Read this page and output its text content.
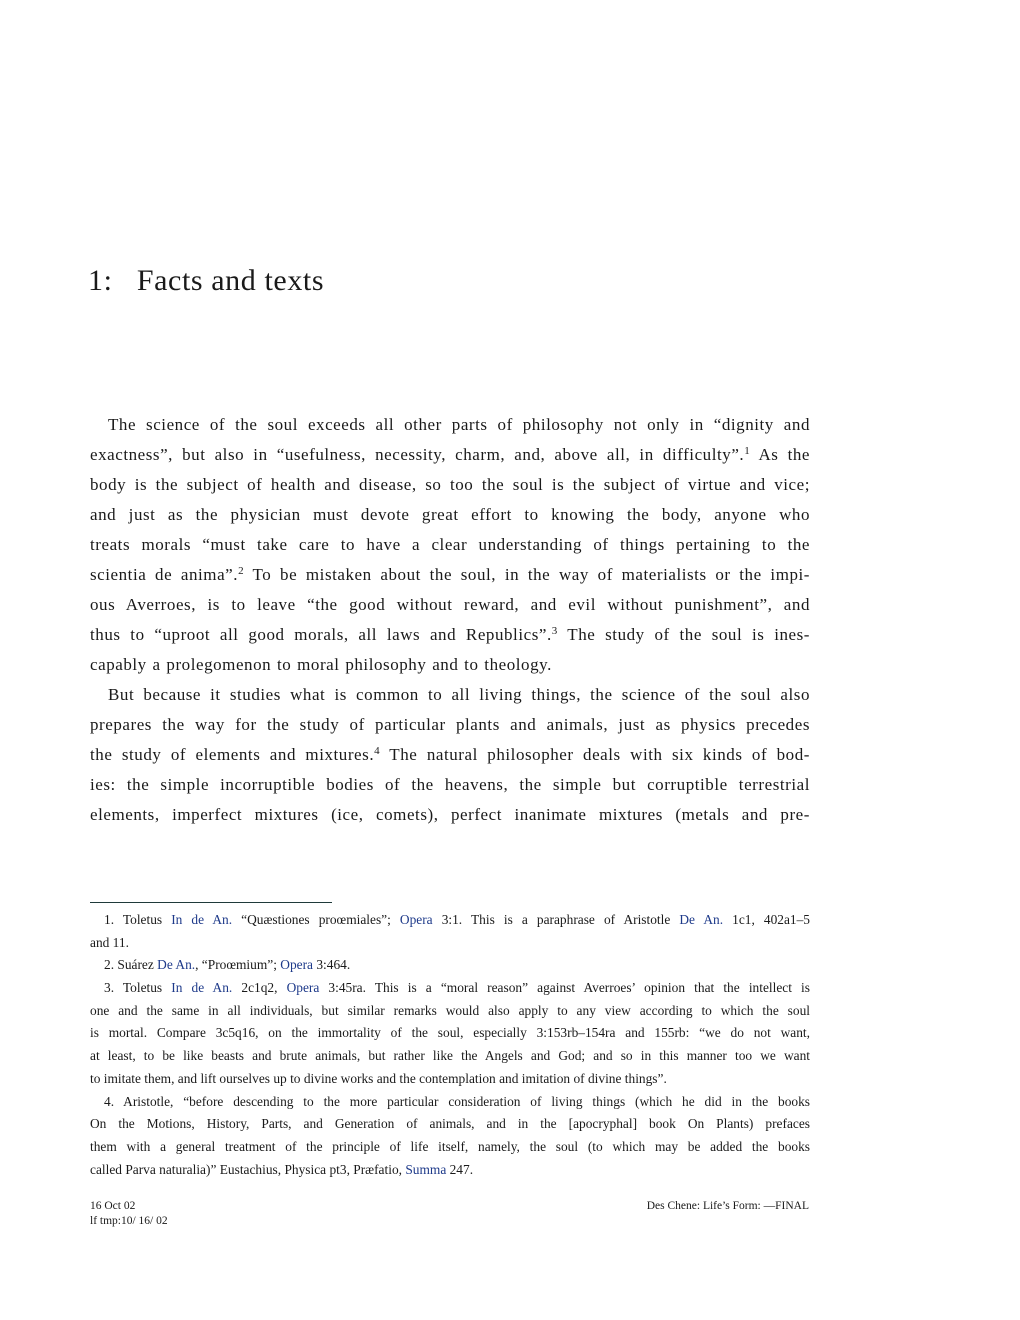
1:   Facts and texts
The science of the soul exceeds all other parts of philosophy not only in “dignity and
exactness”, but also in “usefulness, necessity, charm, and, above all, in difficulty”.$^1$ As the
body is the subject of health and disease, so too the soul is the subject of virtue and vice;
and just as the physician must devote great effort to knowing the body, anyone who
treats morals “must take care to have a clear understanding of things pertaining to the
scientia de anima”.$^2$ To be mistaken about the soul, in the way of materialists or the impi-
ous Averroes, is to leave “the good without reward, and evil without punishment”, and
thus to “uproot all good morals, all laws and Republics”.$^3$ The study of the soul is ines-
capably a prolegomenon to moral philosophy and to theology.
But because it studies what is common to all living things, the science of the soul also
prepares the way for the study of particular plants and animals, just as physics precedes
the study of elements and mixtures.$^4$ The natural philosopher deals with six kinds of bod-
ies: the simple incorruptible bodies of the heavens, the simple but corruptible terrestrial
elements, imperfect mixtures (ice, comets), perfect inanimate mixtures (metals and pre-
1. Toletus In de An. “Quæstiones proœmiales”; Opera 3:1. This is a paraphrase of Aristotle De An. 1c1, 402a1–5
and 11.
2. Suárez De An., “Proœmium”; Opera 3:464.
3. Toletus In de An. 2c1q2, Opera 3:45ra. This is a “moral reason” against Averroes’ opinion that the intellect is
one and the same in all individuals, but similar remarks would also apply to any view according to which the soul
is mortal. Compare 3c5q16, on the immortality of the soul, especially 3:153rb–154ra and 155rb: “we do not want,
at least, to be like beasts and brute animals, but rather like the Angels and God; and so in this manner too we want
to imitate them, and lift ourselves up to divine works and the contemplation and imitation of divine things”.
4. Aristotle, “before descending to the more particular consideration of living things (which he did in the books
On the Motions, History, Parts, and Generation of animals, and in the [apocryphal] book On Plants) prefaces
them with a general treatment of the principle of life itself, namely, the soul (to which may be added the books
called Parva naturalia)” Eustachius, Physica pt3, Præfatio, Summa 247.
16 Oct 02
lf tmp:10/ 16/ 02
Des Chene: Life’s Form: —FINAL
